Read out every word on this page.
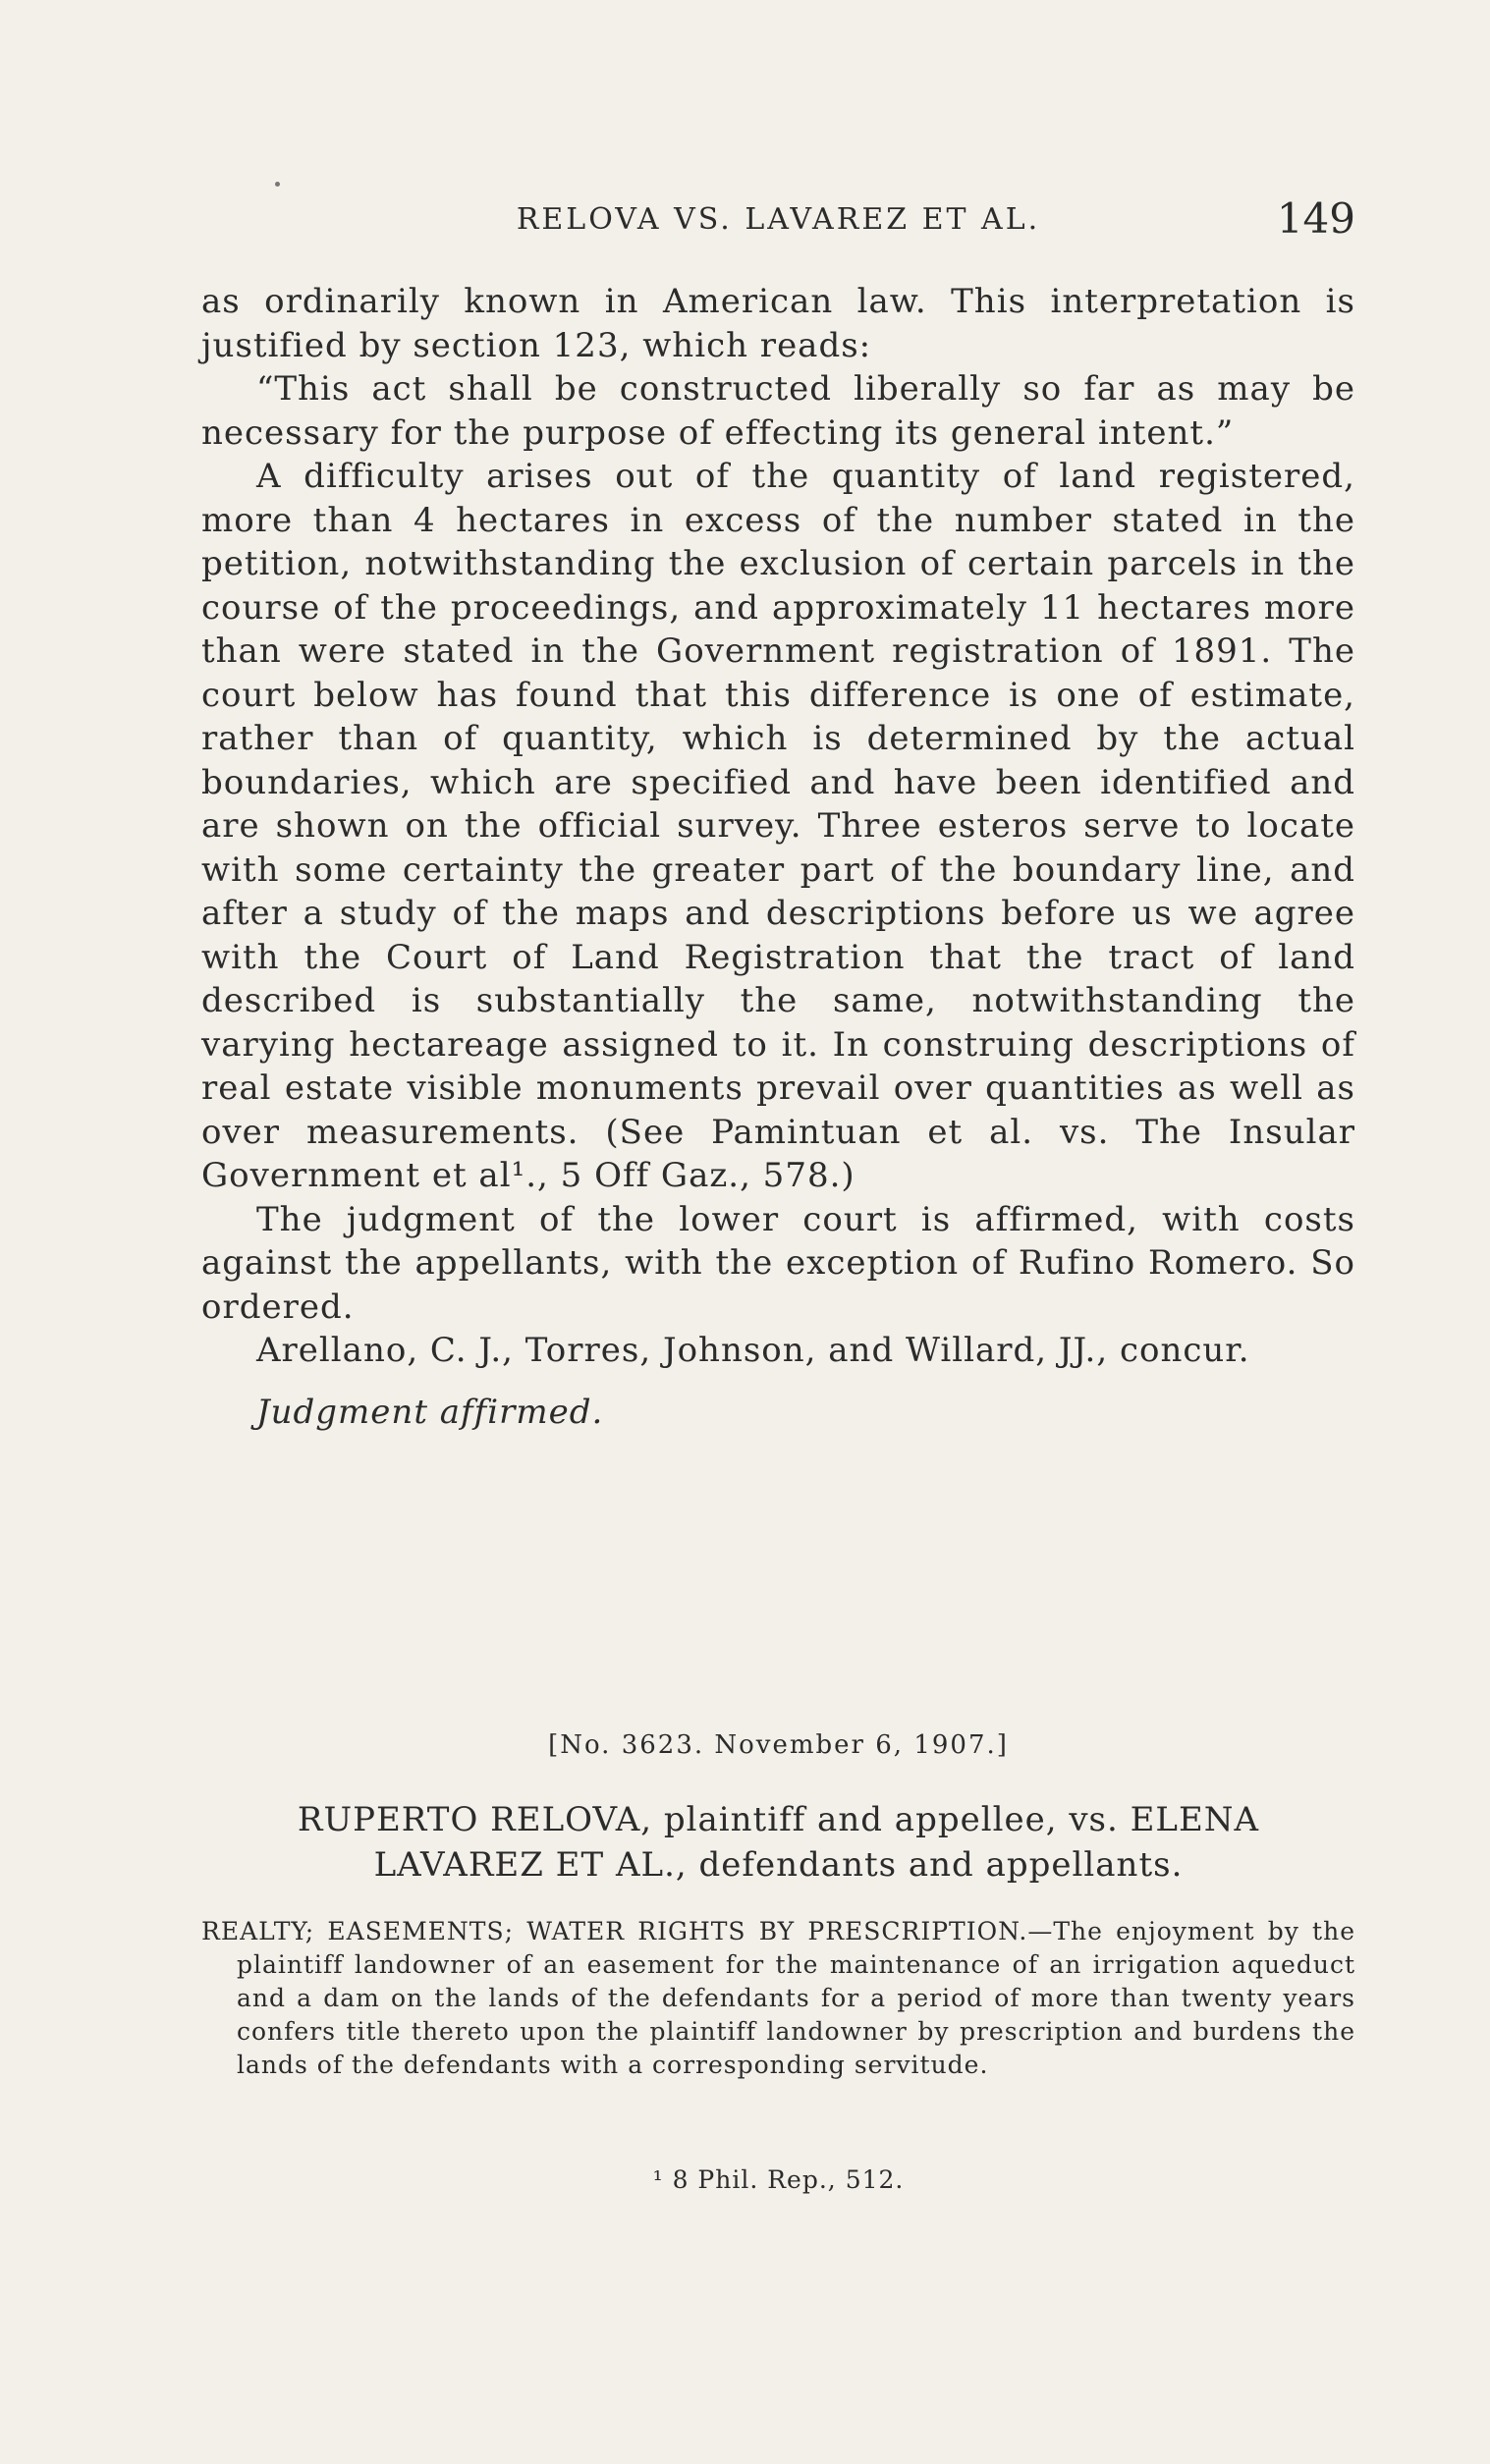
RELOVA VS. LAVAREZ ET AL.	149

as ordinarily known in American law. This interpretation is justified by section 123, which reads:

“This act shall be constructed liberally so far as may be necessary for the purpose of effecting its general intent.”

A difficulty arises out of the quantity of land registered, more than 4 hectares in excess of the number stated in the petition, notwithstanding the exclusion of certain parcels in the course of the proceedings, and approximately 11 hectares more than were stated in the Government registration of 1891. The court below has found that this difference is one of estimate, rather than of quantity, which is determined by the actual boundaries, which are specified and have been identified and are shown on the official survey. Three esteros serve to locate with some certainty the greater part of the boundary line, and after a study of the maps and descriptions before us we agree with the Court of Land Registration that the tract of land described is substantially the same, notwithstanding the varying hectareage assigned to it. In construing descriptions of real estate visible monuments prevail over quantities as well as over measurements. (See Pamintuan et al. vs. The Insular Government et al¹., 5 Off Gaz., 578.)

The judgment of the lower court is affirmed, with costs against the appellants, with the exception of Rufino Romero. So ordered.

Arellano, C. J., Torres, Johnson, and Willard, JJ., concur.

Judgment affirmed.

[No. 3623. November 6, 1907.]
RUPERTO RELOVA, plaintiff and appellee, vs. ELENA LAVAREZ ET AL., defendants and appellants.
REALTY; EASEMENTS; WATER RIGHTS BY PRESCRIPTION.—The enjoyment by the plaintiff landowner of an easement for the maintenance of an irrigation aqueduct and a dam on the lands of the defendants for a period of more than twenty years confers title thereto upon the plaintiff landowner by prescription and burdens the lands of the defendants with a corresponding servitude.
¹ 8 Phil. Rep., 512.
